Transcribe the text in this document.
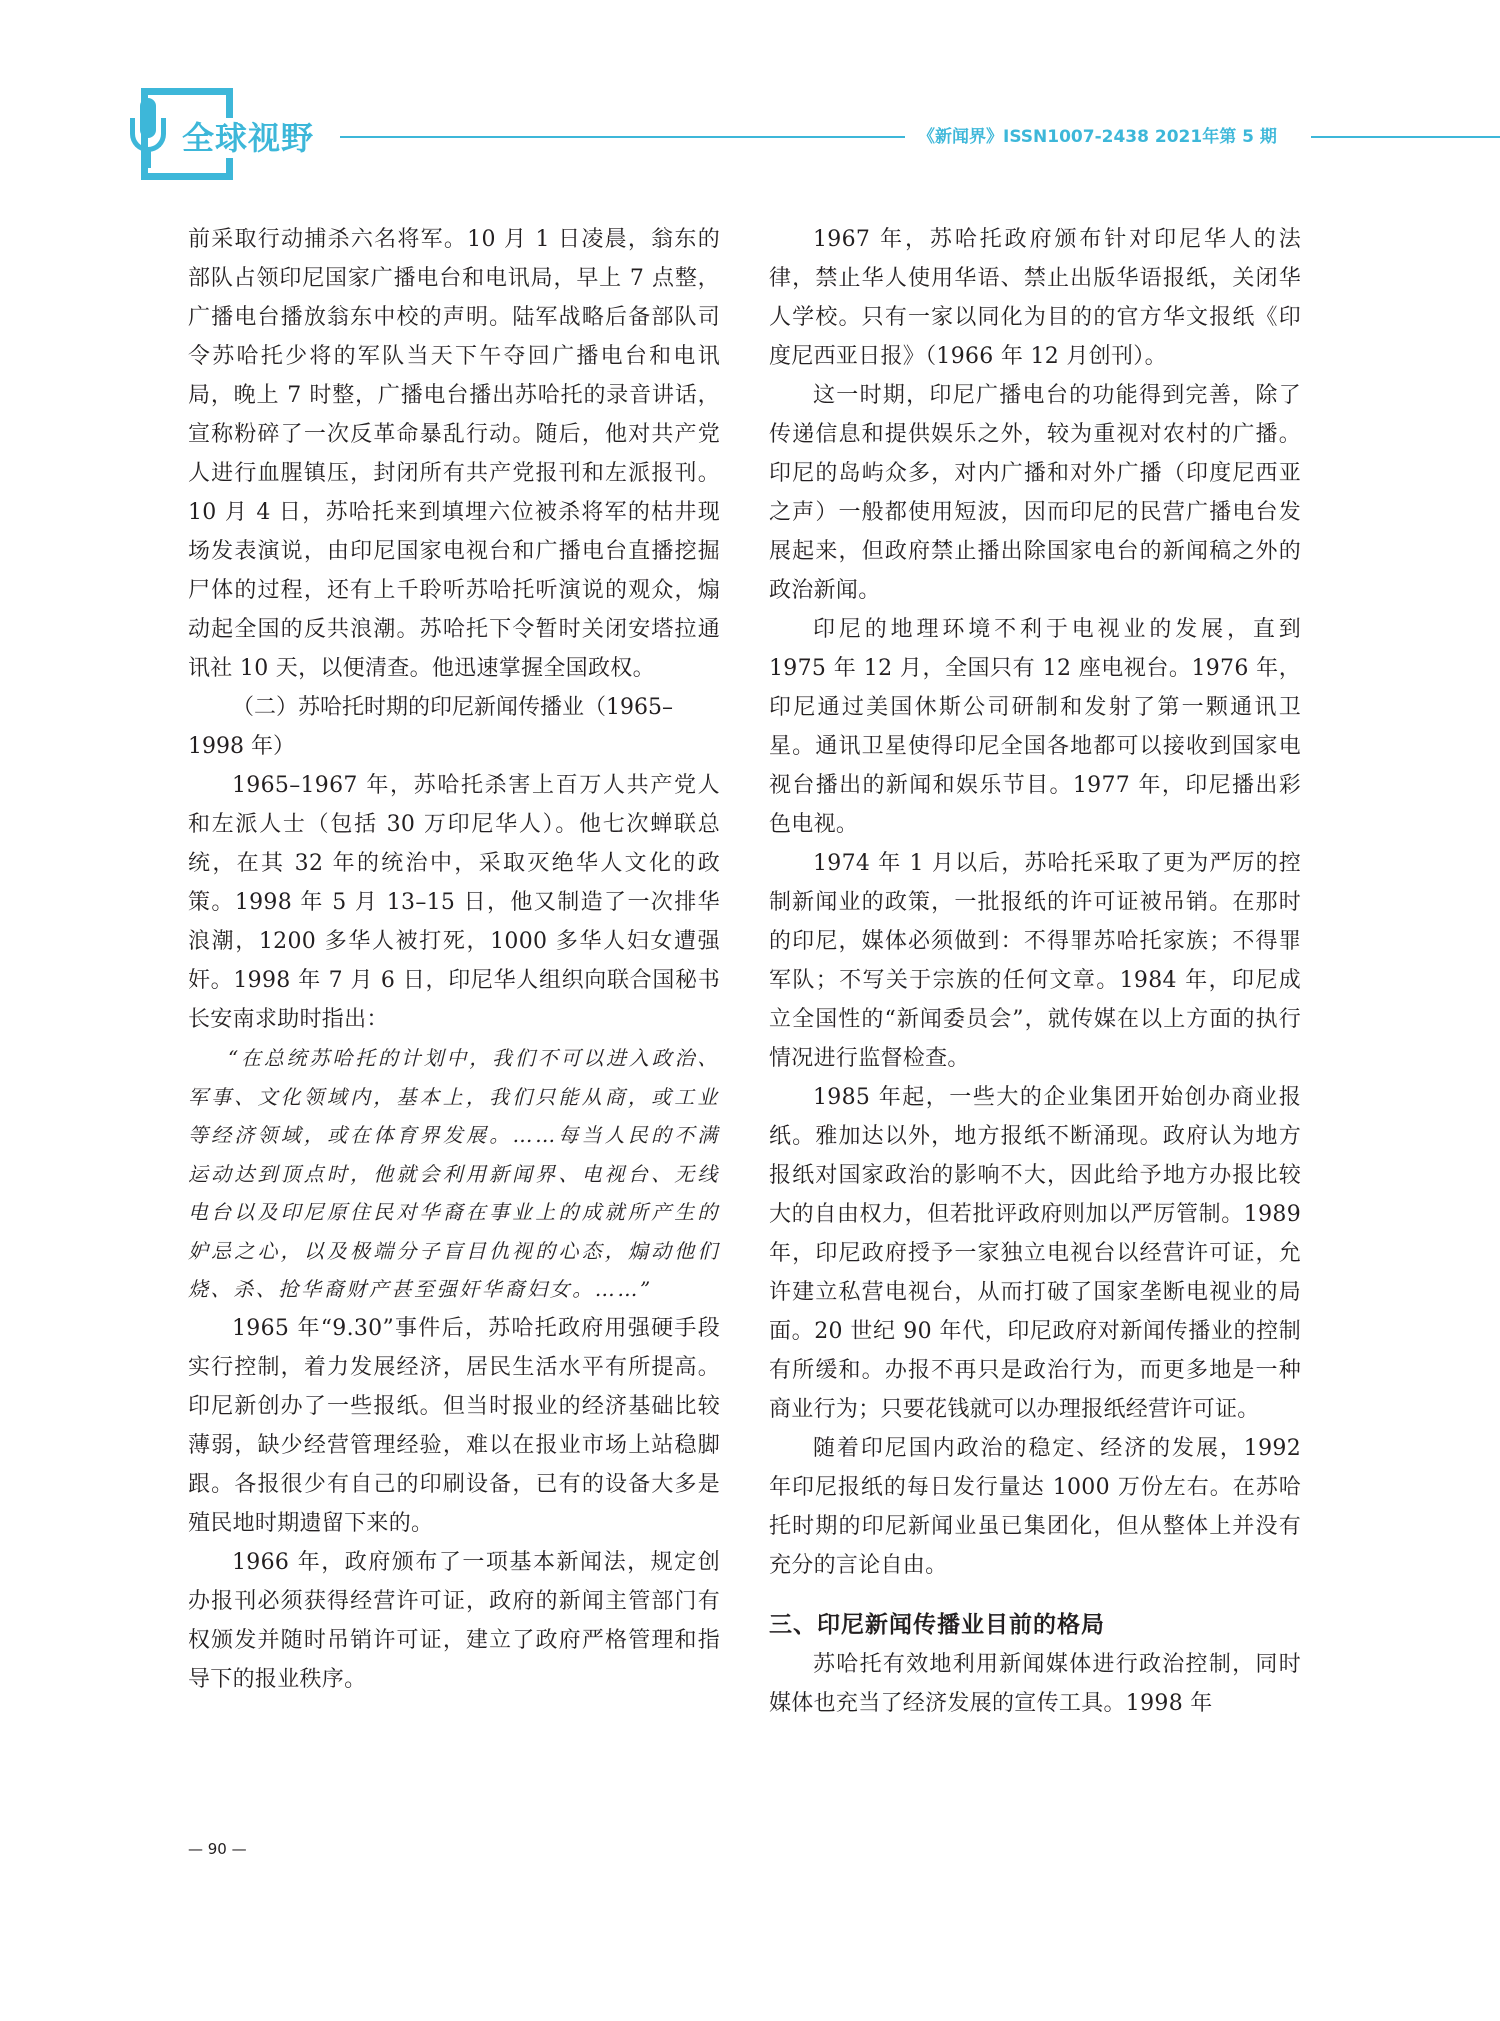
全球视野	《新闻界》ISSN1007-2438 2021年第 5 期

前采取行动捕杀六名将军。10 月 1 日凌晨，翁东的部队占领印尼国家广播电台和电讯局，早上 7 点整，广播电台播放翁东中校的声明。陆军战略后备部队司令苏哈托少将的军队当天下午夺回广播电台和电讯局，晚上 7 时整，广播电台播出苏哈托的录音讲话，宣称粉碎了一次反革命暴乱行动。随后，他对共产党人进行血腥镇压，封闭所有共产党报刊和左派报刊。10 月 4 日，苏哈托来到填埋六位被杀将军的枯井现场发表演说，由印尼国家电视台和广播电台直播挖掘尸体的过程，还有上千聆听苏哈托听演说的观众，煽动起全国的反共浪潮。苏哈托下令暂时关闭安塔拉通讯社 10 天，以便清查。他迅速掌握全国政权。

（二）苏哈托时期的印尼新闻传播业（1965–1998 年）

1965–1967 年，苏哈托杀害上百万人共产党人和左派人士（包括 30 万印尼华人）。他七次蝉联总统，在其 32 年的统治中，采取灭绝华人文化的政策。1998 年 5 月 13–15 日，他又制造了一次排华浪潮，1200 多华人被打死，1000 多华人妇女遭强奸。1998 年 7 月 6 日，印尼华人组织向联合国秘书长安南求助时指出：

“在总统苏哈托的计划中，我们不可以进入政治、军事、文化领域内，基本上，我们只能从商，或工业等经济领域，或在体育界发展。……每当人民的不满运动达到顶点时，他就会利用新闻界、电视台、无线电台以及印尼原住民对华裔在事业上的成就所产生的妒忌之心，以及极端分子盲目仇视的心态，煽动他们烧、杀、抢华裔财产甚至强奸华裔妇女。……”

1965 年“9.30”事件后，苏哈托政府用强硬手段实行控制，着力发展经济，居民生活水平有所提高。印尼新创办了一些报纸。但当时报业的经济基础比较薄弱，缺少经营管理经验，难以在报业市场上站稳脚跟。各报很少有自己的印刷设备，已有的设备大多是殖民地时期遗留下来的。

1966 年，政府颁布了一项基本新闻法，规定创办报刊必须获得经营许可证，政府的新闻主管部门有权颁发并随时吊销许可证，建立了政府严格管理和指导下的报业秩序。

1967 年，苏哈托政府颁布针对印尼华人的法律，禁止华人使用华语、禁止出版华语报纸，关闭华人学校。只有一家以同化为目的的官方华文报纸《印度尼西亚日报》（1966 年 12 月创刊）。

这一时期，印尼广播电台的功能得到完善，除了传递信息和提供娱乐之外，较为重视对农村的广播。印尼的岛屿众多，对内广播和对外广播（印度尼西亚之声）一般都使用短波，因而印尼的民营广播电台发展起来，但政府禁止播出除国家电台的新闻稿之外的政治新闻。

印尼的地理环境不利于电视业的发展，直到 1975 年 12 月，全国只有 12 座电视台。1976 年，印尼通过美国休斯公司研制和发射了第一颗通讯卫星。通讯卫星使得印尼全国各地都可以接收到国家电视台播出的新闻和娱乐节目。1977 年，印尼播出彩色电视。

1974 年 1 月以后，苏哈托采取了更为严厉的控制新闻业的政策，一批报纸的许可证被吊销。在那时的印尼，媒体必须做到：不得罪苏哈托家族；不得罪军队；不写关于宗族的任何文章。1984 年，印尼成立全国性的“新闻委员会”，就传媒在以上方面的执行情况进行监督检查。

1985 年起，一些大的企业集团开始创办商业报纸。雅加达以外，地方报纸不断涌现。政府认为地方报纸对国家政治的影响不大，因此给予地方办报比较大的自由权力，但若批评政府则加以严厉管制。1989 年，印尼政府授予一家独立电视台以经营许可证，允许建立私营电视台，从而打破了国家垄断电视业的局面。20 世纪 90 年代，印尼政府对新闻传播业的控制有所缓和。办报不再只是政治行为，而更多地是一种商业行为；只要花钱就可以办理报纸经营许可证。

随着印尼国内政治的稳定、经济的发展，1992 年印尼报纸的每日发行量达 1000 万份左右。在苏哈托时期的印尼新闻业虽已集团化，但从整体上并没有充分的言论自由。

三、印尼新闻传播业目前的格局

苏哈托有效地利用新闻媒体进行政治控制，同时媒体也充当了经济发展的宣传工具。1998 年

— 90 —
